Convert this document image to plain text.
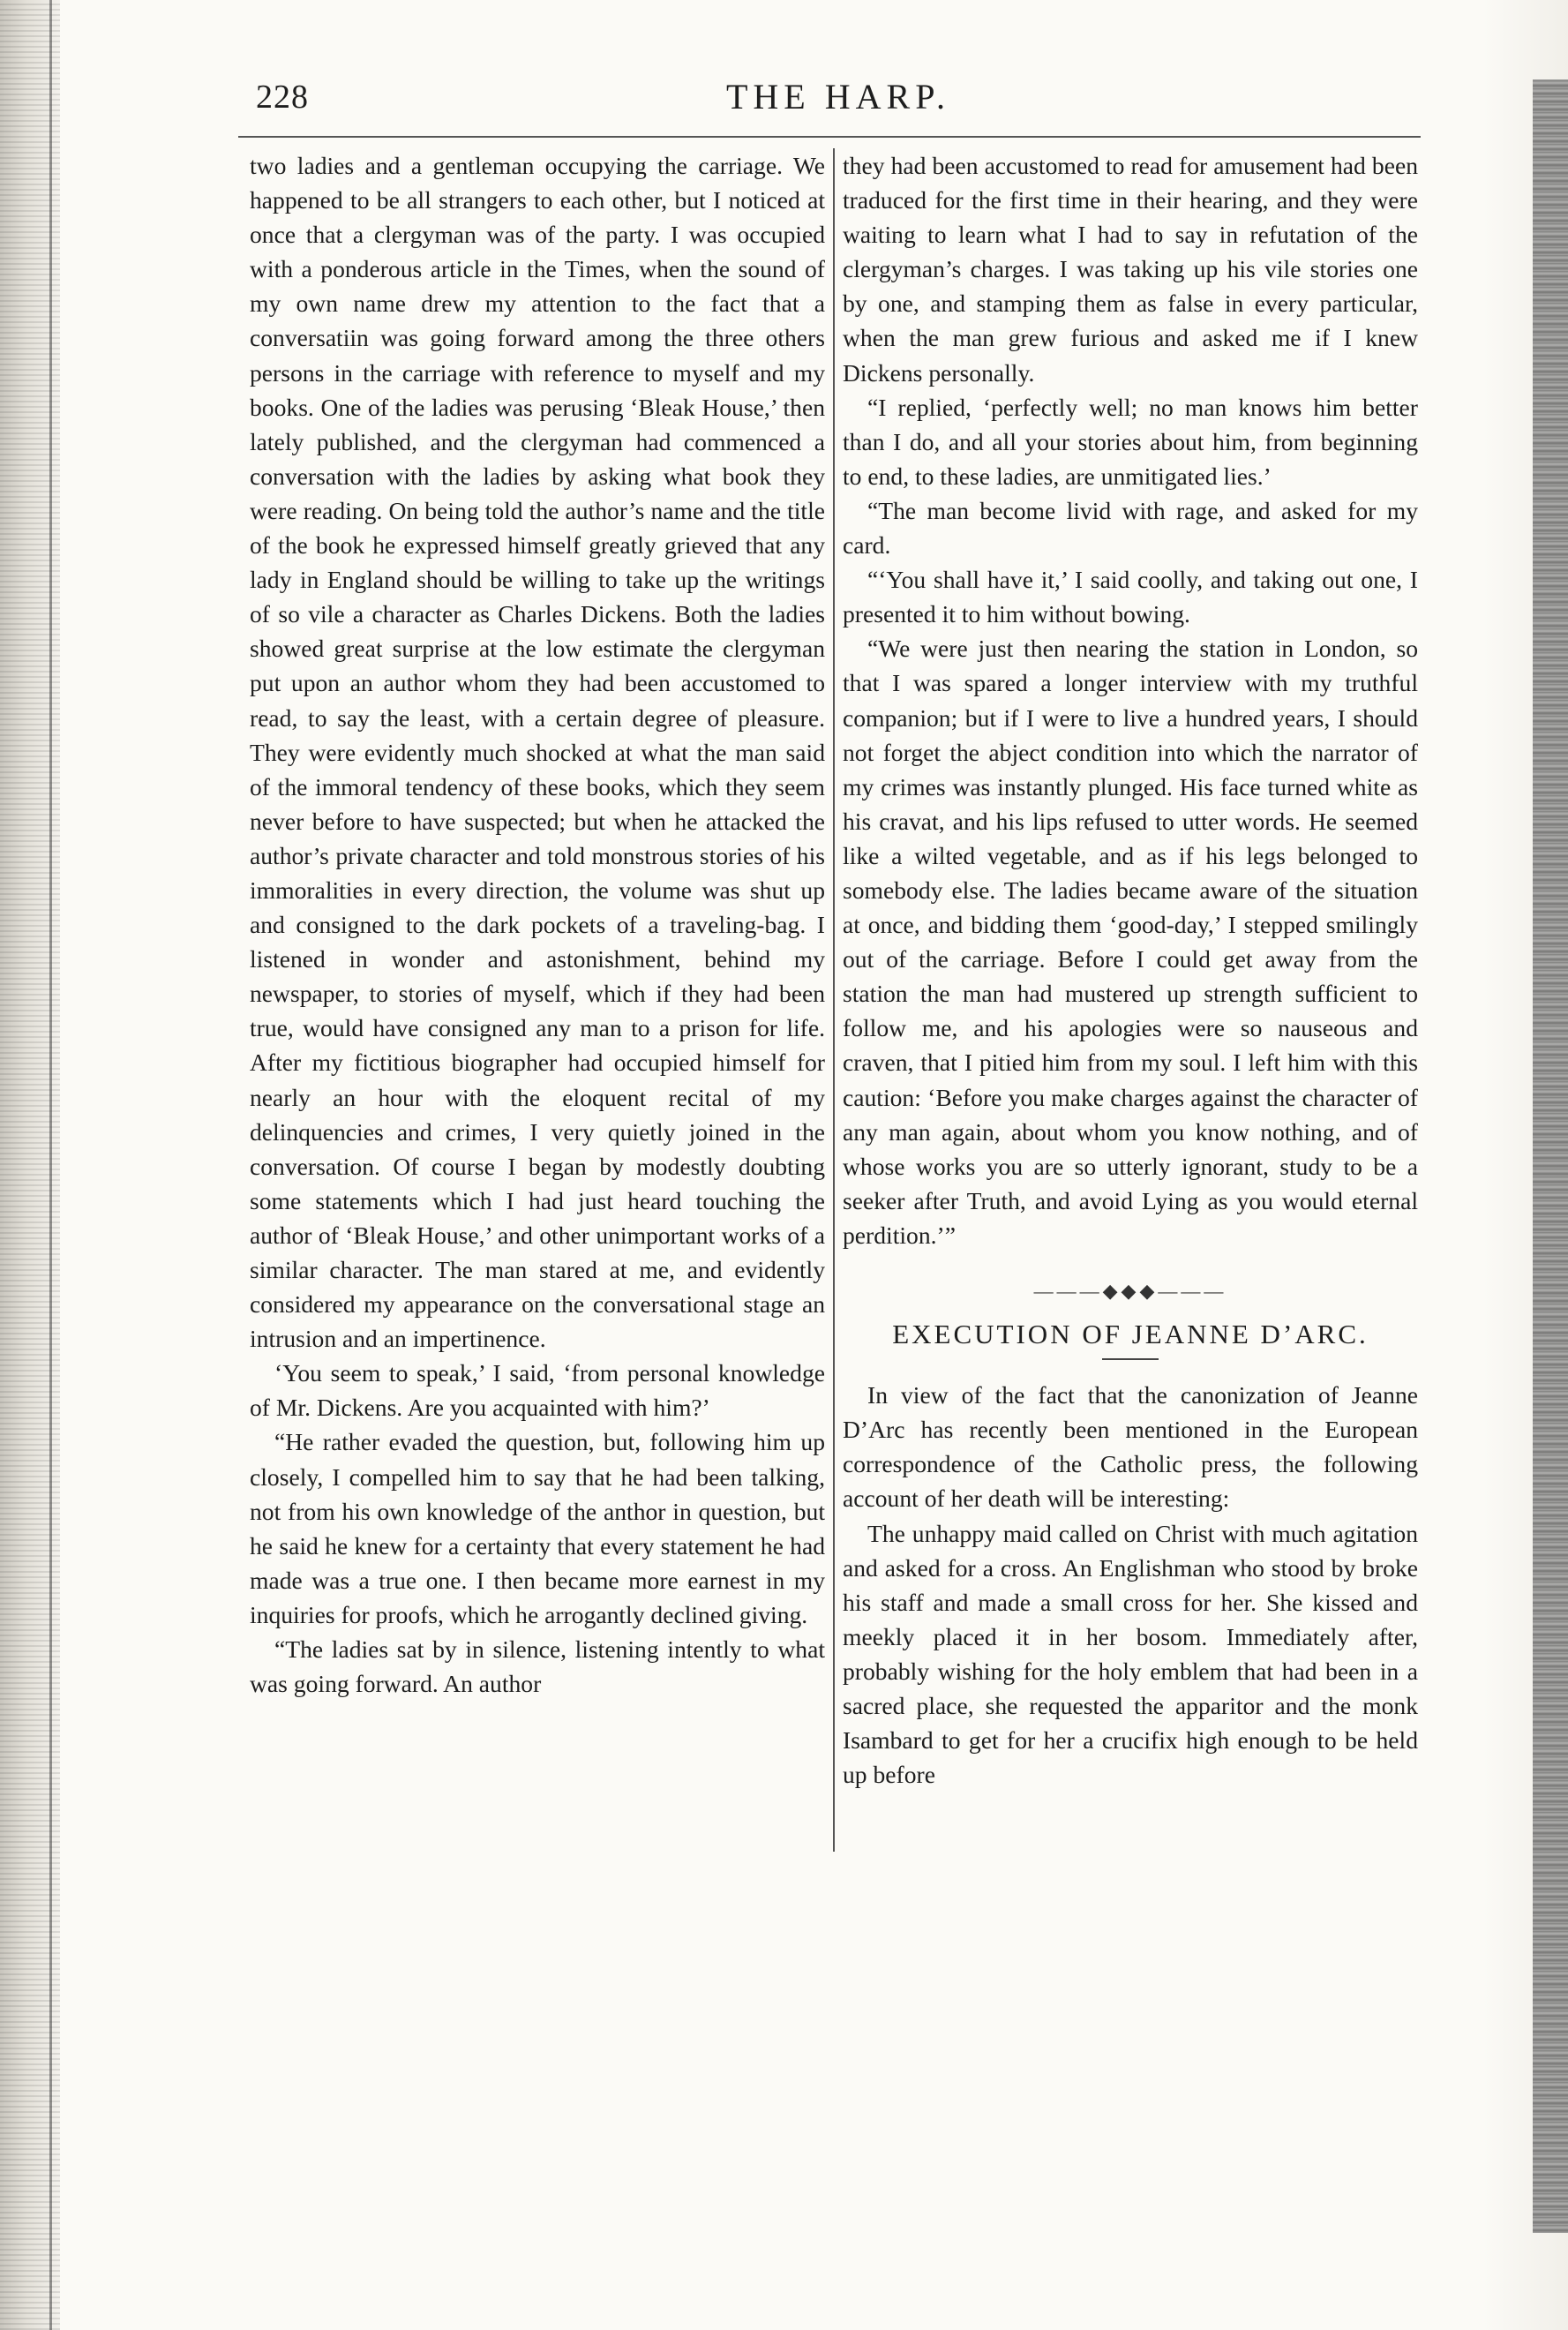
228	THE HARP.

two ladies and a gentleman occupying the carriage. We happened to be all strangers to each other, but I noticed at once that a clergyman was of the party. I was occupied with a ponderous article in the Times, when the sound of my own name drew my attention to the fact that a conversatiin was going forward among the three others persons in the carriage with reference to myself and my books. One of the ladies was perusing ‘Bleak House,’ then lately published, and the clergyman had commenced a conversation with the ladies by asking what book they were reading. On being told the author’s name and the title of the book he expressed himself greatly grieved that any lady in England should be willing to take up the writings of so vile a character as Charles Dickens. Both the ladies showed great surprise at the low estimate the clergyman put upon an author whom they had been accustomed to read, to say the least, with a certain degree of pleasure. They were evidently much shocked at what the man said of the immoral tendency of these books, which they seem never before to have suspected; but when he attacked the author’s private character and told monstrous stories of his immoralities in every direction, the volume was shut up and consigned to the dark pockets of a traveling-bag. I listened in wonder and astonishment, behind my newspaper, to stories of myself, which if they had been true, would have consigned any man to a prison for life. After my fictitious biographer had occupied himself for nearly an hour with the eloquent recital of my delinquencies and crimes, I very quietly joined in the conversation. Of course I began by modestly doubting some statements which I had just heard touching the author of ‘Bleak House,’ and other unimportant works of a similar character. The man stared at me, and evidently considered my appearance on the conversational stage an intrusion and an impertinence.

‘You seem to speak,’ I said, ‘from personal knowledge of Mr. Dickens. Are you acquainted with him?’

“He rather evaded the question, but, following him up closely, I compelled him to say that he had been talking, not from his own knowledge of the anthor in question, but he said he knew for a certainty that every statement he had made was a true one. I then became more earnest in my inquiries for proofs, which he arrogantly declined giving.

“The ladies sat by in silence, listening intently to what was going forward. An author

they had been accustomed to read for amusement had been traduced for the first time in their hearing, and they were waiting to learn what I had to say in refutation of the clergyman’s charges. I was taking up his vile stories one by one, and stamping them as false in every particular, when the man grew furious and asked me if I knew Dickens personally.

“I replied, ‘perfectly well; no man knows him better than I do, and all your stories about him, from beginning to end, to these ladies, are unmitigated lies.’

“The man become livid with rage, and asked for my card.

“‘You shall have it,’ I said coolly, and taking out one, I presented it to him without bowing.

“We were just then nearing the station in London, so that I was spared a longer interview with my truthful companion; but if I were to live a hundred years, I should not forget the abject condition into which the narrator of my crimes was instantly plunged. His face turned white as his cravat, and his lips refused to utter words. He seemed like a wilted vegetable, and as if his legs belonged to somebody else. The ladies became aware of the situation at once, and bidding them ‘good-day,’ I stepped smilingly out of the carriage. Before I could get away from the station the man had mustered up strength sufficient to follow me, and his apologies were so nauseous and craven, that I pitied him from my soul. I left him with this caution: ‘Before you make charges against the character of any man again, about whom you know nothing, and of whose works you are so utterly ignorant, study to be a seeker after Truth, and avoid Lying as you would eternal perdition.’”

———◆◆◆———
EXECUTION OF JEANNE D’ARC.

In view of the fact that the canonization of Jeanne D’Arc has recently been mentioned in the European correspondence of the Catholic press, the following account of her death will be interesting:

The unhappy maid called on Christ with much agitation and asked for a cross. An Englishman who stood by broke his staff and made a small cross for her. She kissed and meekly placed it in her bosom. Immediately after, probably wishing for the holy emblem that had been in a sacred place, she requested the apparitor and the monk Isambard to get for her a crucifix high enough to be held up before
